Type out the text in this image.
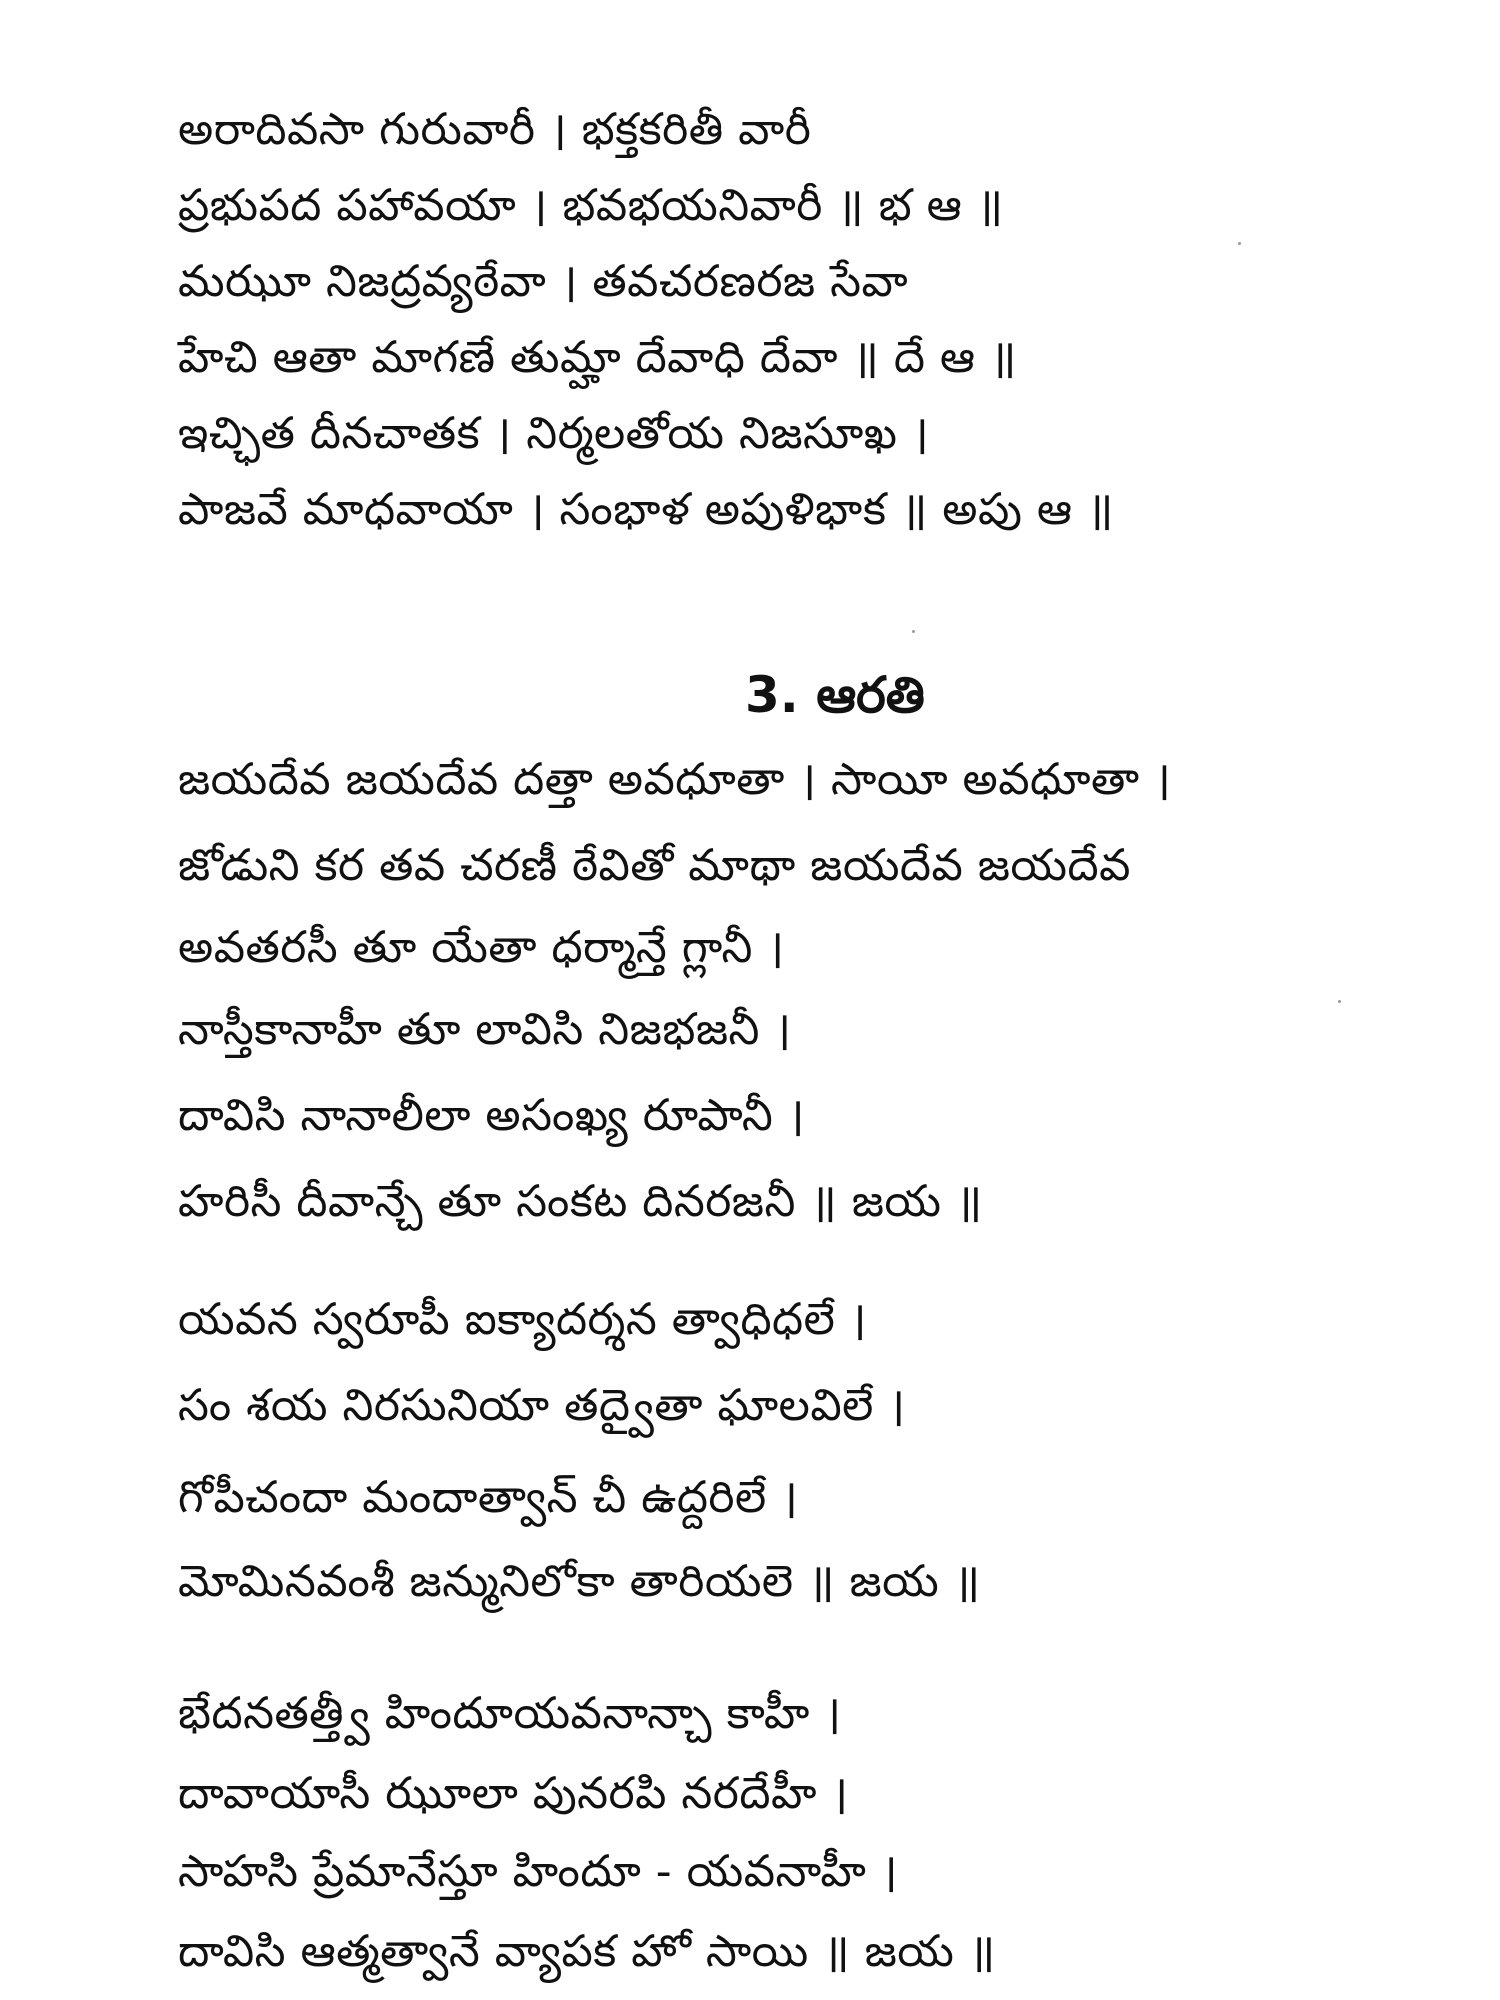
అరాదివసా గురువారీ । భక్తకరితీ వారీ
ప్రభుపద పహావయా । భవభయనివారీ ॥ భ ఆ ॥
మఝూ నిజద్రవ్యఠేవా । తవచరణరజ సేవా
హేచి ఆతా మాగణే తుమ్హా దేవాధి దేవా ॥ దే ఆ ॥
ఇచ్ఛిత దీనచాతక । నిర్మలతోయ నిజసూఖ ।
పాజవే మాధవాయా । సంభాళ అపుళిభాక ॥ అపు ఆ ॥
3. ఆరతి
జయదేవ జయదేవ దత్తా అవధూతా । సాయీ అవధూతా ।
జోడుని కర తవ చరణీ ఠేవితో మాథా జయదేవ జయదేవ
అవతరసీ తూ యేతా ధర్మాన్తే గ్లానీ ।
నాస్తీకానాహీ తూ లావిసి నిజభజనీ ।
దావిసి నానాలీలా అసంఖ్య రూపానీ ।
హరిసీ దీవాన్చే తూ సంకట దినరజనీ ॥ జయ ॥
యవన స్వరూపీ ఐక్యాదర్శన త్వాధిధలే ।
సం శయ నిరసునియా తద్వైతా ఘాలవిలే ।
గోపీచందా మందాత్వాన్ చీ ఉద్దరిలే ।
మోమినవంశీ జన్మునిలోకా తారియలె ॥ జయ ॥
భేదనతత్త్వీ హిందూయవనాన్చా కాహీ ।
దావాయాసీ ఝూలా పునరపి నరదేహీ ।
సాహసి ప్రేమానేస్తూ హిందూ - యవనాహీ ।
దావిసి ఆత్మత్వానే వ్యాపక హో సాయి ॥ జయ ॥
